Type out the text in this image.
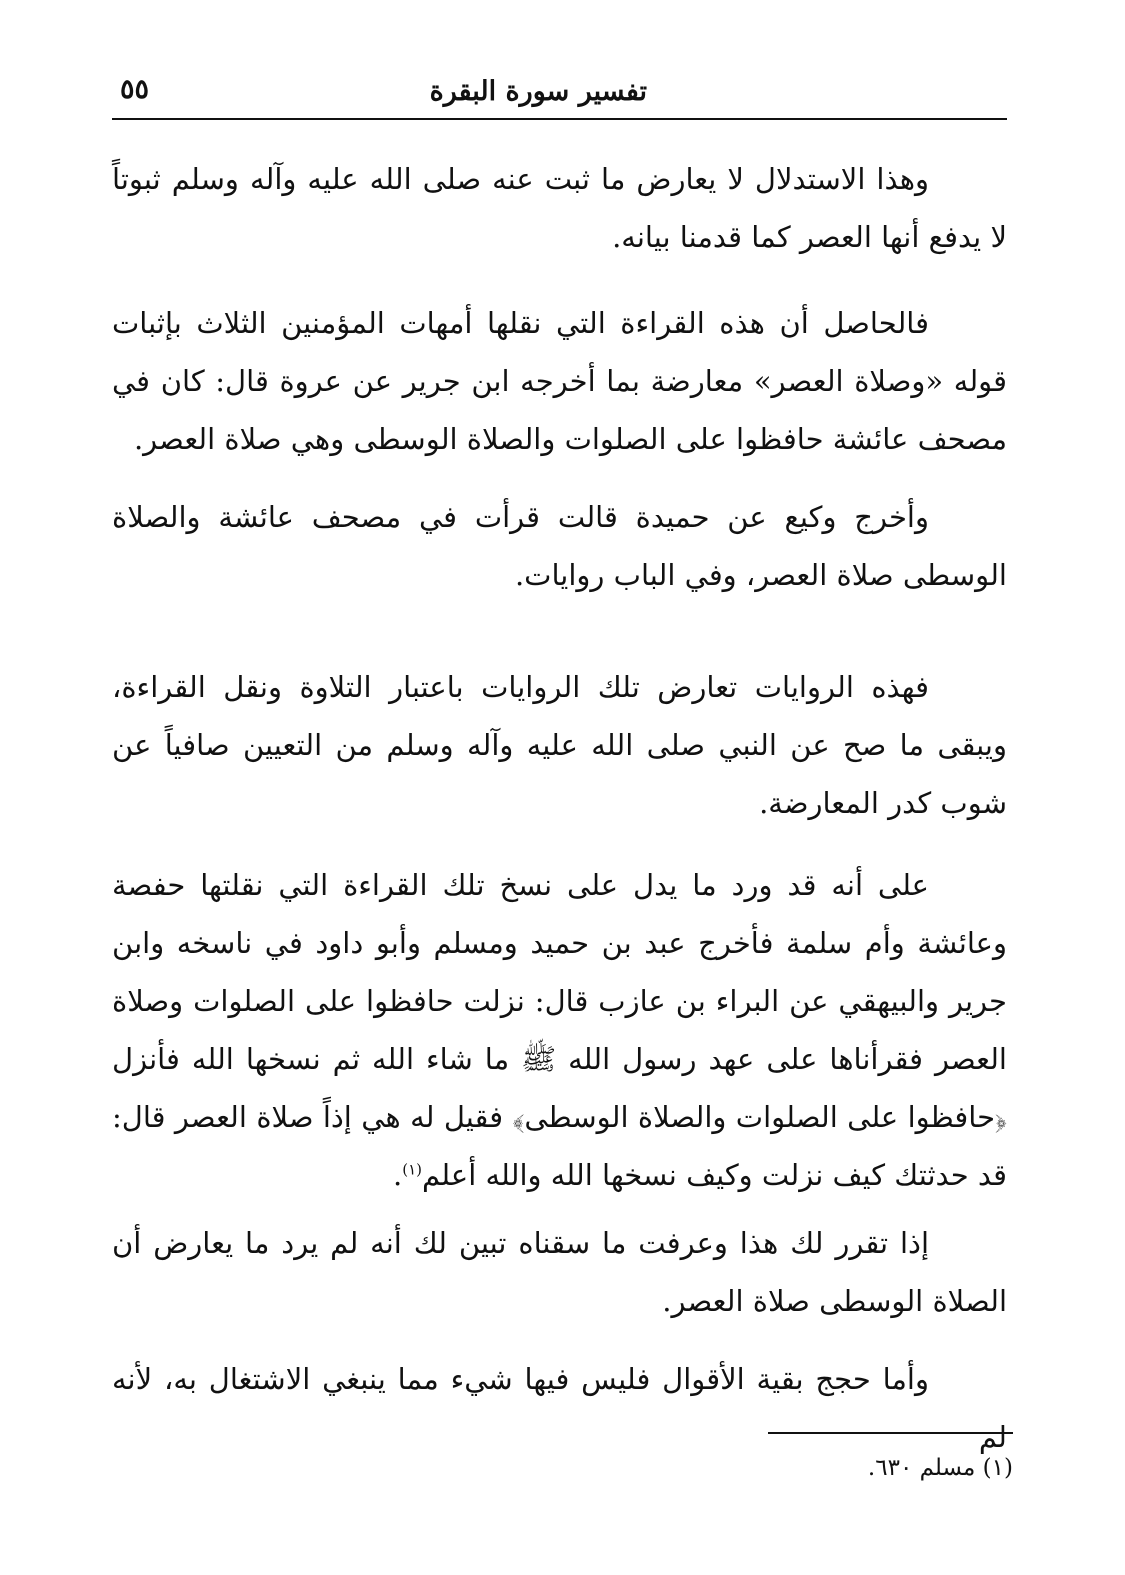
تفسير سورة البقرة
٥٥

وهذا الاستدلال لا يعارض ما ثبت عنه صلى الله عليه وآله وسلم ثبوتاً لا يدفع أنها العصر كما قدمنا بيانه.

فالحاصل أن هذه القراءة التي نقلها أمهات المؤمنين الثلاث بإثبات قوله «وصلاة العصر» معارضة بما أخرجه ابن جرير عن عروة قال: كان في مصحف عائشة حافظوا على الصلوات والصلاة الوسطى وهي صلاة العصر.

وأخرج وكيع عن حميدة قالت قرأت في مصحف عائشة والصلاة الوسطى صلاة العصر، وفي الباب روايات.

فهذه الروايات تعارض تلك الروايات باعتبار التلاوة ونقل القراءة، ويبقى ما صح عن النبي صلى الله عليه وآله وسلم من التعيين صافياً عن شوب كدر المعارضة.

على أنه قد ورد ما يدل على نسخ تلك القراءة التي نقلتها حفصة وعائشة وأم سلمة فأخرج عبد بن حميد ومسلم وأبو داود في ناسخه وابن جرير والبيهقي عن البراء بن عازب قال: نزلت حافظوا على الصلوات وصلاة العصر فقرأناها على عهد رسول الله ﷺ ما شاء الله ثم نسخها الله فأنزل ﴿حافظوا على الصلوات والصلاة الوسطى﴾ فقيل له هي إذاً صلاة العصر قال: قد حدثتك كيف نزلت وكيف نسخها الله والله أعلم$^{(١)}$.

إذا تقرر لك هذا وعرفت ما سقناه تبين لك أنه لم يرد ما يعارض أن الصلاة الوسطى صلاة العصر.

وأما حجج بقية الأقوال فليس فيها شيء مما ينبغي الاشتغال به، لأنه لم

(١) مسلم ٦٣٠.
